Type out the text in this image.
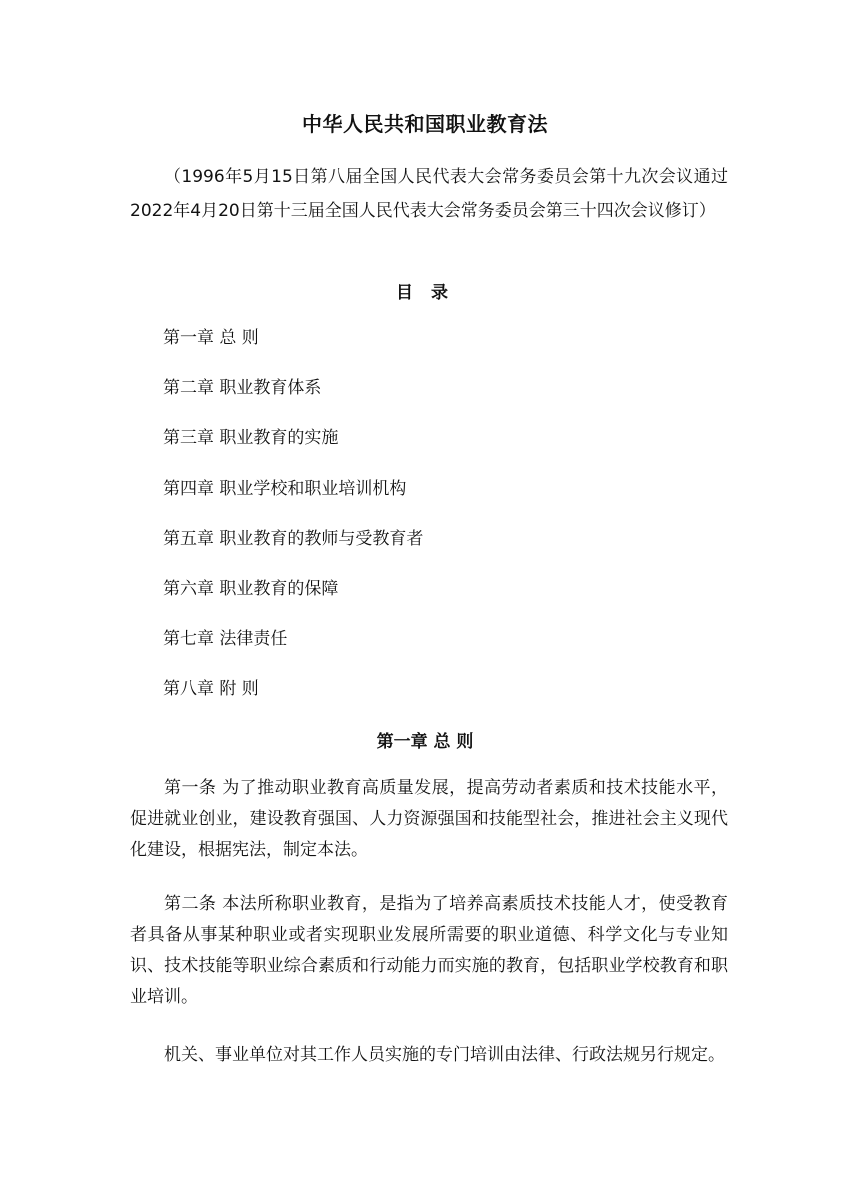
中华人民共和国职业教育法
（1996年5月15日第八届全国人民代表大会常务委员会第十九次会议通过 2022年4月20日第十三届全国人民代表大会常务委员会第三十四次会议修订）
目 录
第一章 总 则
第二章 职业教育体系
第三章 职业教育的实施
第四章 职业学校和职业培训机构
第五章 职业教育的教师与受教育者
第六章 职业教育的保障
第七章 法律责任
第八章 附 则
第一章 总 则
第一条 为了推动职业教育高质量发展，提高劳动者素质和技术技能水平，促进就业创业，建设教育强国、人力资源强国和技能型社会，推进社会主义现代化建设，根据宪法，制定本法。
第二条 本法所称职业教育，是指为了培养高素质技术技能人才，使受教育者具备从事某种职业或者实现职业发展所需要的职业道德、科学文化与专业知识、技术技能等职业综合素质和行动能力而实施的教育，包括职业学校教育和职业培训。
机关、事业单位对其工作人员实施的专门培训由法律、行政法规另行规定。
